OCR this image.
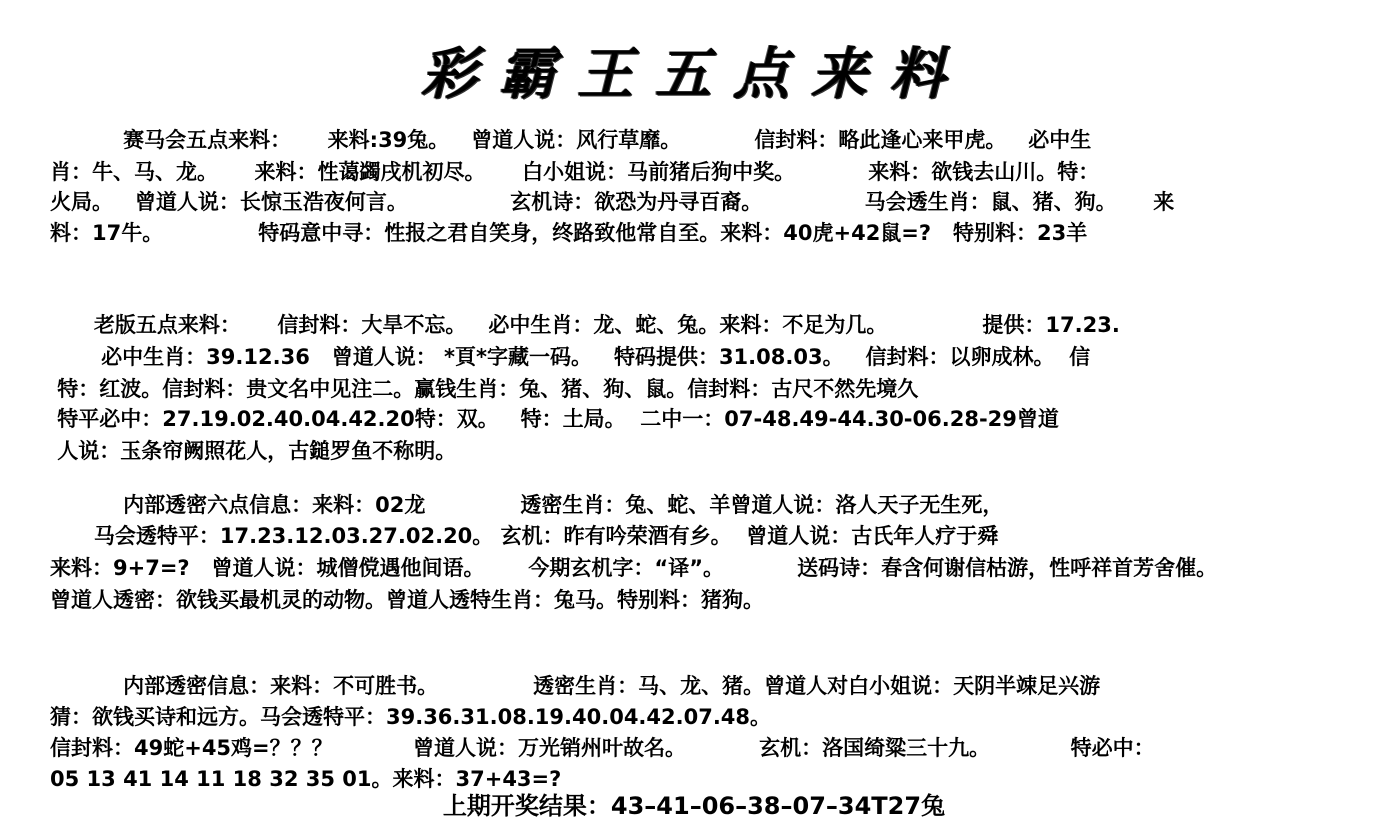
彩霸王五点来料
赛马会五点来料：     来料:39兔。   曾道人说：风行草靡。          信封料：略此逢心来甲虎。   必中生
肖：牛、马、龙。     来料：性蔼蠲戌机初尽。     白小姐说：马前猪后狗中奖。          来料：欲钱去山川。特：
火局。   曾道人说：长惊玉浩夜何言。              玄机诗：欲恐为丹寻百裔。              马会透生肖：鼠、猪、狗。     来
料：17牛。             特码意中寻：性报之君自笑身，终路致他常自至。来料：40虎+42鼠=?   特别料：23羊
老版五点来料：     信封料：大旱不忘。   必中生肖：龙、蛇、兔。来料：不足为几。             提供：17.23.
必中生肖：39.12.36   曾道人说： *頁*字藏一码。   特码提供：31.08.03。   信封料：以卵成林。  信
特：红波。信封料：贵文名中见注二。赢钱生肖：兔、猪、狗、鼠。信封料：古尺不然先境久
特平必中：27.19.02.40.04.42.20特：双。   特：土局。  二中一：07-48.49-44.30-06.28-29曾道
人说：玉条帘阙照花人，古鎚罗鱼不称明。
内部透密六点信息：来料：02龙             透密生肖：兔、蛇、羊曾道人说：洛人天子无生死，
马会透特平：17.23.12.03.27.02.20。 玄机：昨有吟荣酒有乡。  曾道人说：古氏年人疗于舜
来料：9+7=?   曾道人说：城僧傥遇他间语。      今期玄机字：“译”。          送码诗：春含何谢信枯游，性呼祥首芳舍催。
曾道人透密：欲钱买最机灵的动物。曾道人透特生肖：兔马。特别料：猪狗。
内部透密信息：来料：不可胜书。             透密生肖：马、龙、猪。曾道人对白小姐说：天阴半竦足兴游
猜：欲钱买诗和远方。马会透特平：39.36.31.08.19.40.04.42.07.48。
信封料：49蛇+45鸡=？？？           曾道人说：万光销州叶故名。          玄机：洛国绮粱三十九。           特必中：
05 13 41 14 11 18 32 35 01。来料：37+43=?
上期开奖结果：43–41–06–38–07–34T27兔
